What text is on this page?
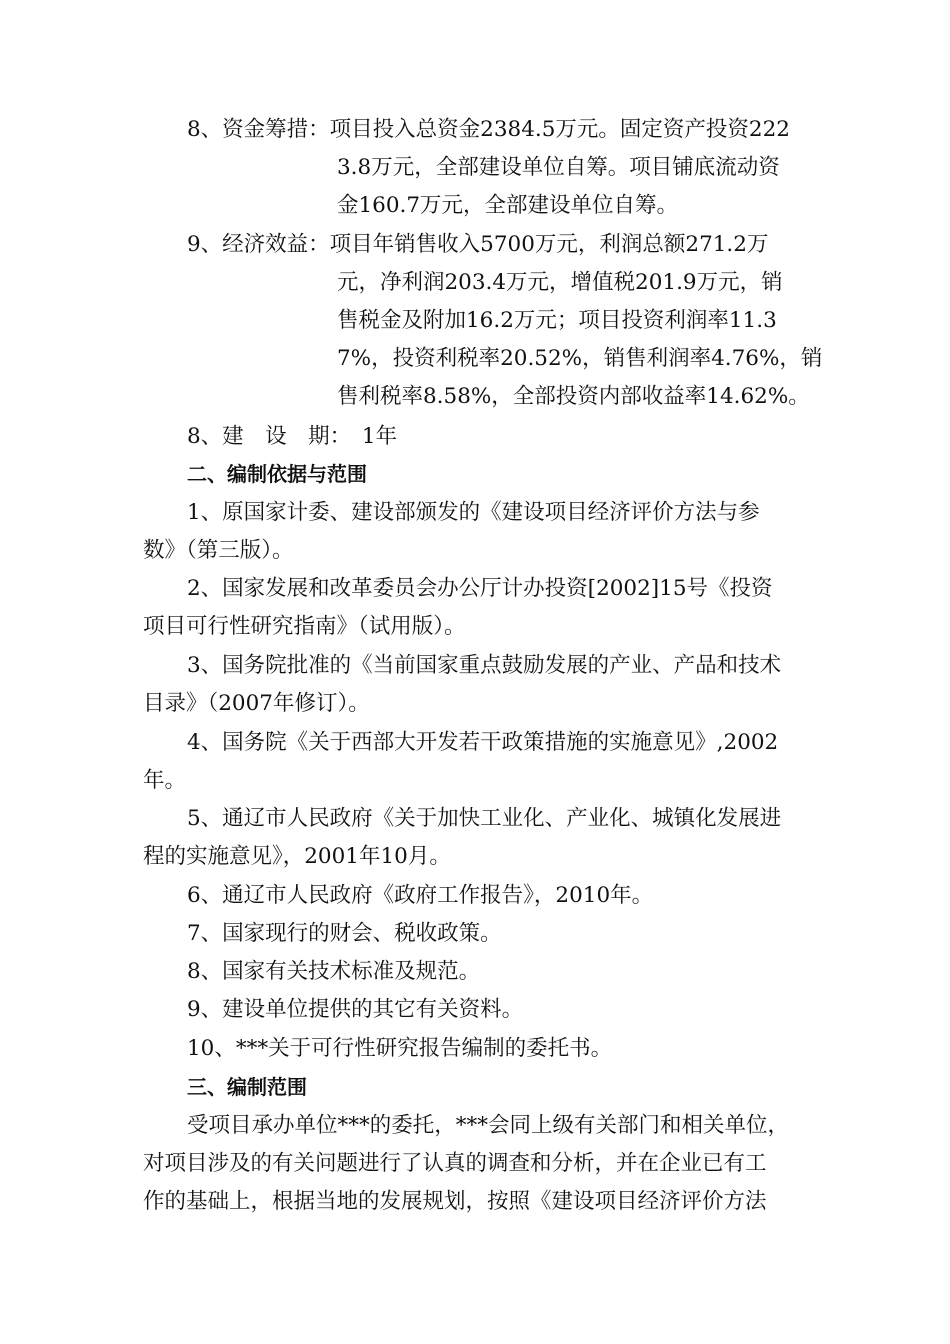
8、资金筹措：项目投入总资金2384.5万元。固定资产投资222
3.8万元，全部建设单位自筹。项目铺底流动资
金160.7万元，全部建设单位自筹。
9、经济效益：项目年销售收入5700万元，利润总额271.2万
元，净利润203.4万元，增值税201.9万元，销
售税金及附加16.2万元；项目投资利润率11.3
7%，投资利税率20.52%，销售利润率4.76%，销
售利税率8.58%，全部投资内部收益率14.62%。
8、建　设　期：　1年
二、编制依据与范围
1、原国家计委、建设部颁发的《建设项目经济评价方法与参
数》（第三版）。
2、国家发展和改革委员会办公厅计办投资[2002]15号《投资
项目可行性研究指南》（试用版）。
3、国务院批准的《当前国家重点鼓励发展的产业、产品和技术
目录》（2007年修订）。
4、国务院《关于西部大开发若干政策措施的实施意见》,2002
年。
5、通辽市人民政府《关于加快工业化、产业化、城镇化发展进
程的实施意见》，2001年10月。
6、通辽市人民政府《政府工作报告》，2010年。
7、国家现行的财会、税收政策。
8、国家有关技术标准及规范。
9、建设单位提供的其它有关资料。
10、***关于可行性研究报告编制的委托书。
三、编制范围
受项目承办单位***的委托，***会同上级有关部门和相关单位，
对项目涉及的有关问题进行了认真的调查和分析，并在企业已有工
作的基础上，根据当地的发展规划，按照《建设项目经济评价方法
